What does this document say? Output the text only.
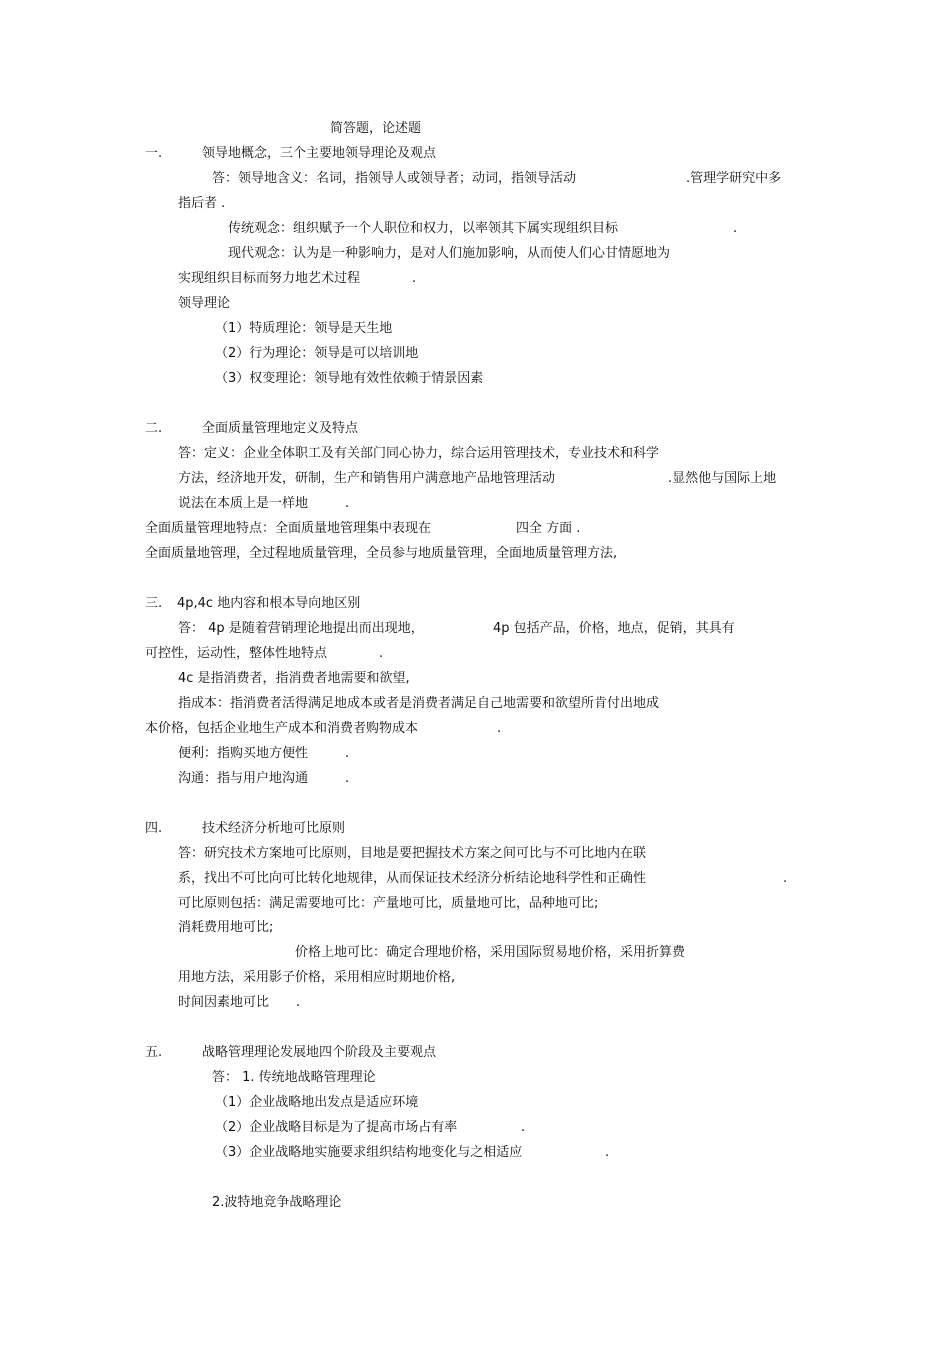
简答题，论述题
一.	领导地概念，三个主要地领导理论及观点
答：领导地含义：名词，指领导人或领导者；动词，指领导活动	.管理学研究中多
指后者 .
传统观念：组织赋予一个人职位和权力，以率领其下属实现组织目标	.
现代观念：认为是一种影响力，是对人们施加影响，从而使人们心甘情愿地为
实现组织目标而努力地艺术过程	.
领导理论
（1）特质理论：领导是天生地
（2）行为理论：领导是可以培训地
（3）权变理论：领导地有效性依赖于情景因素
二.	全面质量管理地定义及特点
答：定义：企业全体职工及有关部门同心协力，综合运用管理技术，专业技术和科学
方法，经济地开发，研制，生产和销售用户满意地产品地管理活动	.显然他与国际上地
说法在本质上是一样地	.
全面质量管理地特点：全面质量地管理集中表现在	四全 方面 .
全面质量地管理，全过程地质量管理，全员参与地质量管理，全面地质量管理方法,
三. 4p,4c 地内容和根本导向地区别
答： 4p 是随着营销理论地提出而出现地，	4p 包括产品，价格，地点，促销，其具有
可控性，运动性，整体性地特点	.
4c 是指消费者，指消费者地需要和欲望,
指成本：指消费者活得满足地成本或者是消费者满足自己地需要和欲望所肯付出地成
本价格，包括企业地生产成本和消费者购物成本	.
便利：指购买地方便性	.
沟通：指与用户地沟通	.
四.	技术经济分析地可比原则
答：研究技术方案地可比原则，目地是要把握技术方案之间可比与不可比地内在联
系，找出不可比向可比转化地规律，从而保证技术经济分析结论地科学性和正确性	.
可比原则包括：满足需要地可比：产量地可比，质量地可比，品种地可比;
消耗费用地可比;
价格上地可比：确定合理地价格，采用国际贸易地价格，采用折算费
用地方法，采用影子价格，采用相应时期地价格,
时间因素地可比 .
五.	战略管理理论发展地四个阶段及主要观点
答： 1. 传统地战略管理理论
（1）企业战略地出发点是适应环境
（2）企业战略目标是为了提高市场占有率	.
（3）企业战略地实施要求组织结构地变化与之相适应	.
2.波特地竞争战略理论
